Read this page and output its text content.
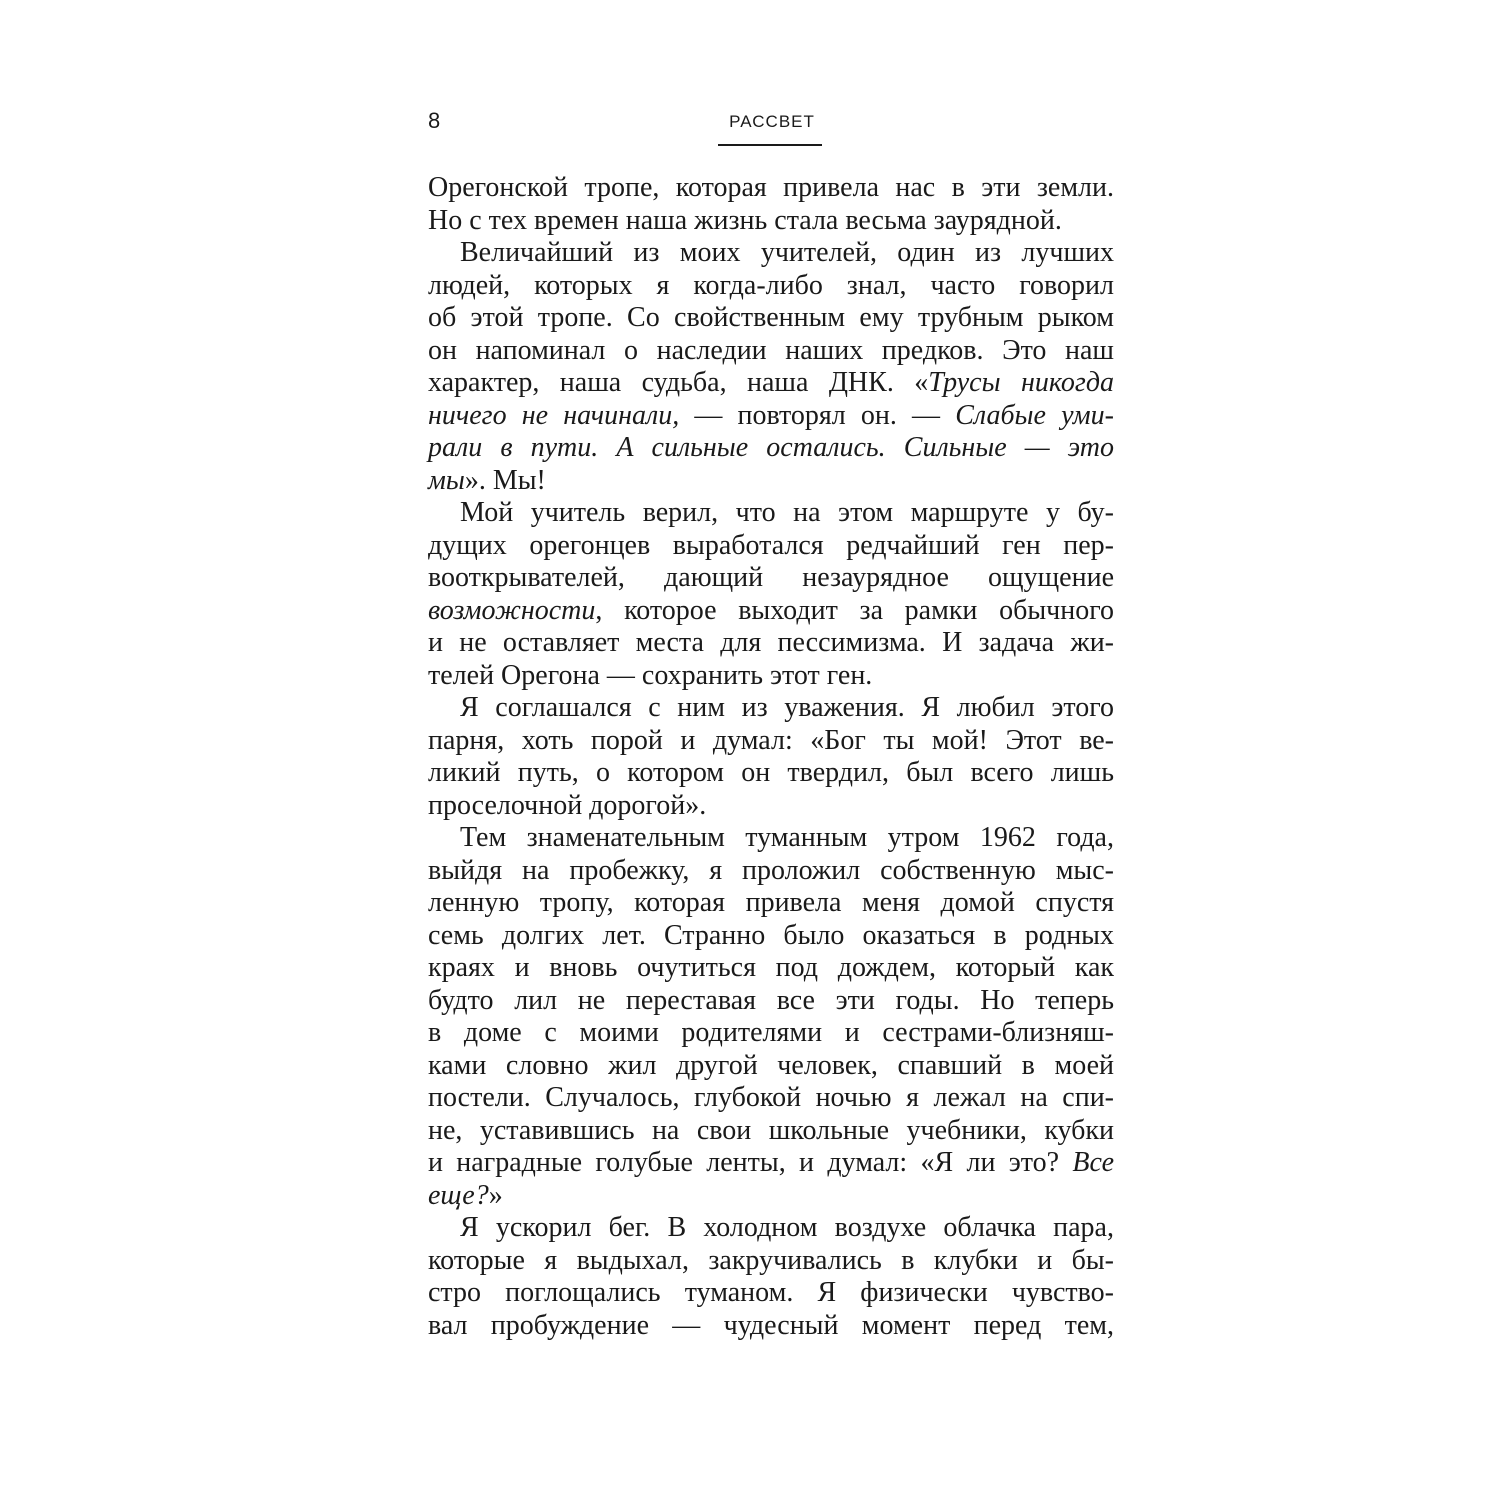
8	РАССВЕТ
Орегонской тропе, которая привела нас в эти земли.
Но с тех времен наша жизнь стала весьма заурядной.
Величайший из моих учителей, один из лучших
людей, которых я когда-либо знал, часто говорил
об этой тропе. Со свойственным ему трубным рыком
он напоминал о наследии наших предков. Это наш
характер, наша судьба, наша ДНК. «Трусы никогда
ничего не начинали, — повторял он. — Слабые уми-
рали в пути. А сильные остались. Сильные — это
мы». Мы!
Мой учитель верил, что на этом маршруте у бу-
дущих орегонцев выработался редчайший ген пер-
вооткрывателей, дающий незаурядное ощущение
возможности, которое выходит за рамки обычного
и не оставляет места для пессимизма. И задача жи-
телей Орегона — сохранить этот ген.
Я соглашался с ним из уважения. Я любил этого
парня, хоть порой и думал: «Бог ты мой! Этот ве-
ликий путь, о котором он твердил, был всего лишь
проселочной дорогой».
Тем знаменательным туманным утром 1962 года,
выйдя на пробежку, я проложил собственную мыс-
ленную тропу, которая привела меня домой спустя
семь долгих лет. Странно было оказаться в родных
краях и вновь очутиться под дождем, который как
будто лил не переставая все эти годы. Но теперь
в доме с моими родителями и сестрами-близняш-
ками словно жил другой человек, спавший в моей
постели. Случалось, глубокой ночью я лежал на спи-
не, уставившись на свои школьные учебники, кубки
и наградные голубые ленты, и думал: «Я ли это? Все
еще?»
Я ускорил бег. В холодном воздухе облачка пара,
которые я выдыхал, закручивались в клубки и бы-
стро поглощались туманом. Я физически чувство-
вал пробуждение — чудесный момент перед тем,
